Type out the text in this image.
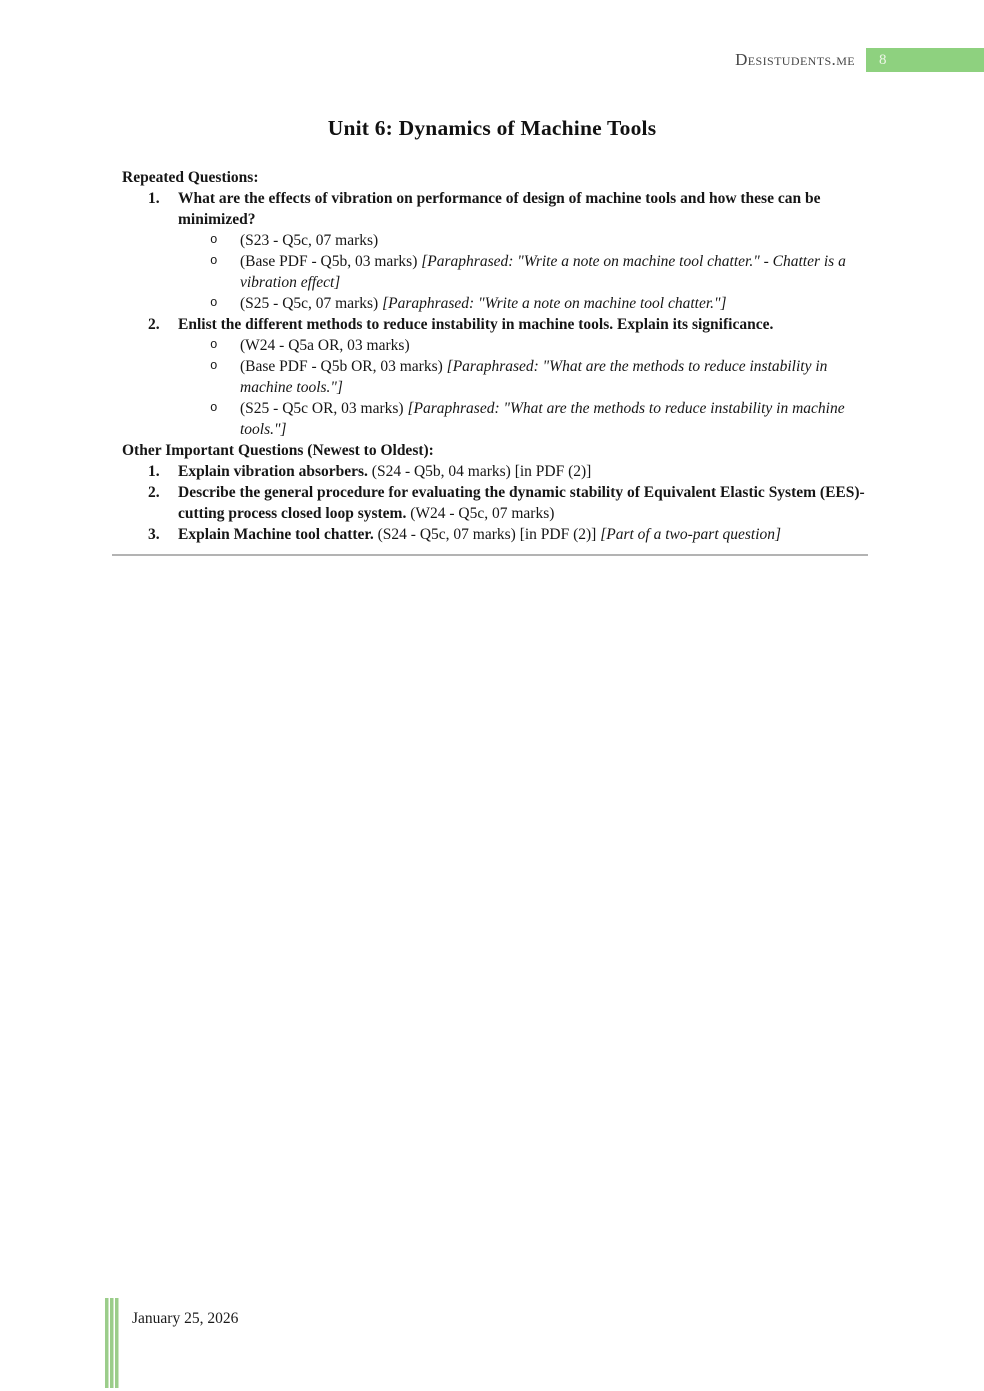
Desistudents.me	8
Unit 6: Dynamics of Machine Tools
Repeated Questions:
1.	What are the effects of vibration on performance of design of machine tools and how these can be minimized?
o	(S23 - Q5c, 07 marks)
o	(Base PDF - Q5b, 03 marks) [Paraphrased: "Write a note on machine tool chatter." - Chatter is a vibration effect]
o	(S25 - Q5c, 07 marks) [Paraphrased: "Write a note on machine tool chatter."]
2.	Enlist the different methods to reduce instability in machine tools. Explain its significance.
o	(W24 - Q5a OR, 03 marks)
o	(Base PDF - Q5b OR, 03 marks) [Paraphrased: "What are the methods to reduce instability in machine tools."]
o	(S25 - Q5c OR, 03 marks) [Paraphrased: "What are the methods to reduce instability in machine tools."]
Other Important Questions (Newest to Oldest):
1.	Explain vibration absorbers. (S24 - Q5b, 04 marks) [in PDF (2)]
2.	Describe the general procedure for evaluating the dynamic stability of Equivalent Elastic System (EES)-cutting process closed loop system. (W24 - Q5c, 07 marks)
3.	Explain Machine tool chatter. (S24 - Q5c, 07 marks) [in PDF (2)] [Part of a two-part question]
January 25, 2026
